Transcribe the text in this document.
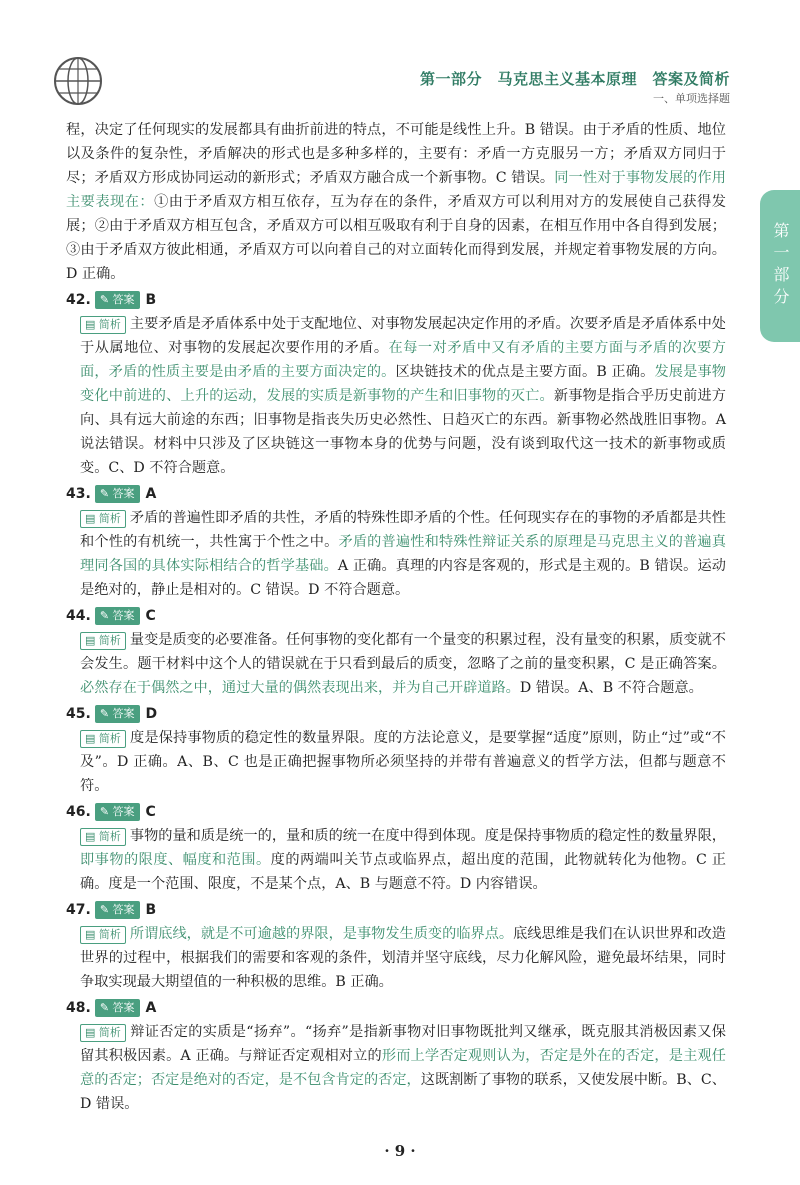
第一部分　马克思主义基本原理　答案及简析
一、单项选择题
第一部分

程，决定了任何现实的发展都具有曲折前进的特点，不可能是线性上升。B 错误。由于矛盾的性质、地位以及条件的复杂性，矛盾解决的形式也是多种多样的，主要有：矛盾一方克服另一方；矛盾双方同归于尽；矛盾双方形成协同运动的新形式；矛盾双方融合成一个新事物。C 错误。同一性对于事物发展的作用主要表现在：①由于矛盾双方相互依存，互为存在的条件，矛盾双方可以利用对方的发展使自己获得发展；②由于矛盾双方相互包含，矛盾双方可以相互吸取有利于自身的因素，在相互作用中各自得到发展；③由于矛盾双方彼此相通，矛盾双方可以向着自己的对立面转化而得到发展，并规定着事物发展的方向。D 正确。

42. ✎ 答案 B

▤ 简析 主要矛盾是矛盾体系中处于支配地位、对事物发展起决定作用的矛盾。次要矛盾是矛盾体系中处于从属地位、对事物的发展起次要作用的矛盾。在每一对矛盾中又有矛盾的主要方面与矛盾的次要方面，矛盾的性质主要是由矛盾的主要方面决定的。区块链技术的优点是主要方面。B 正确。发展是事物变化中前进的、上升的运动，发展的实质是新事物的产生和旧事物的灭亡。新事物是指合乎历史前进方向、具有远大前途的东西；旧事物是指丧失历史必然性、日趋灭亡的东西。新事物必然战胜旧事物。A 说法错误。材料中只涉及了区块链这一事物本身的优势与问题，没有谈到取代这一技术的新事物或质变。C、D 不符合题意。

43. ✎ 答案 A

▤ 简析 矛盾的普遍性即矛盾的共性，矛盾的特殊性即矛盾的个性。任何现实存在的事物的矛盾都是共性和个性的有机统一，共性寓于个性之中。矛盾的普遍性和特殊性辩证关系的原理是马克思主义的普遍真理同各国的具体实际相结合的哲学基础。A 正确。真理的内容是客观的，形式是主观的。B 错误。运动是绝对的，静止是相对的。C 错误。D 不符合题意。

44. ✎ 答案 C

▤ 简析 量变是质变的必要准备。任何事物的变化都有一个量变的积累过程，没有量变的积累，质变就不会发生。题干材料中这个人的错误就在于只看到最后的质变，忽略了之前的量变积累，C 是正确答案。必然存在于偶然之中，通过大量的偶然表现出来，并为自己开辟道路。D 错误。A、B 不符合题意。

45. ✎ 答案 D

▤ 简析 度是保持事物质的稳定性的数量界限。度的方法论意义，是要掌握“适度”原则，防止“过”或“不及”。D 正确。A、B、C 也是正确把握事物所必须坚持的并带有普遍意义的哲学方法，但都与题意不符。

46. ✎ 答案 C

▤ 简析 事物的量和质是统一的，量和质的统一在度中得到体现。度是保持事物质的稳定性的数量界限，即事物的限度、幅度和范围。度的两端叫关节点或临界点，超出度的范围，此物就转化为他物。C 正确。度是一个范围、限度，不是某个点，A、B 与题意不符。D 内容错误。

47. ✎ 答案 B

▤ 简析 所谓底线，就是不可逾越的界限，是事物发生质变的临界点。底线思维是我们在认识世界和改造世界的过程中，根据我们的需要和客观的条件，划清并坚守底线，尽力化解风险，避免最坏结果，同时争取实现最大期望值的一种积极的思维。B 正确。

48. ✎ 答案 A

▤ 简析 辩证否定的实质是“扬弃”。“扬弃”是指新事物对旧事物既批判又继承，既克服其消极因素又保留其积极因素。A 正确。与辩证否定观相对立的形而上学否定观则认为，否定是外在的否定，是主观任意的否定；否定是绝对的否定，是不包含肯定的否定，这既割断了事物的联系，又使发展中断。B、C、D 错误。

· 9 ·
